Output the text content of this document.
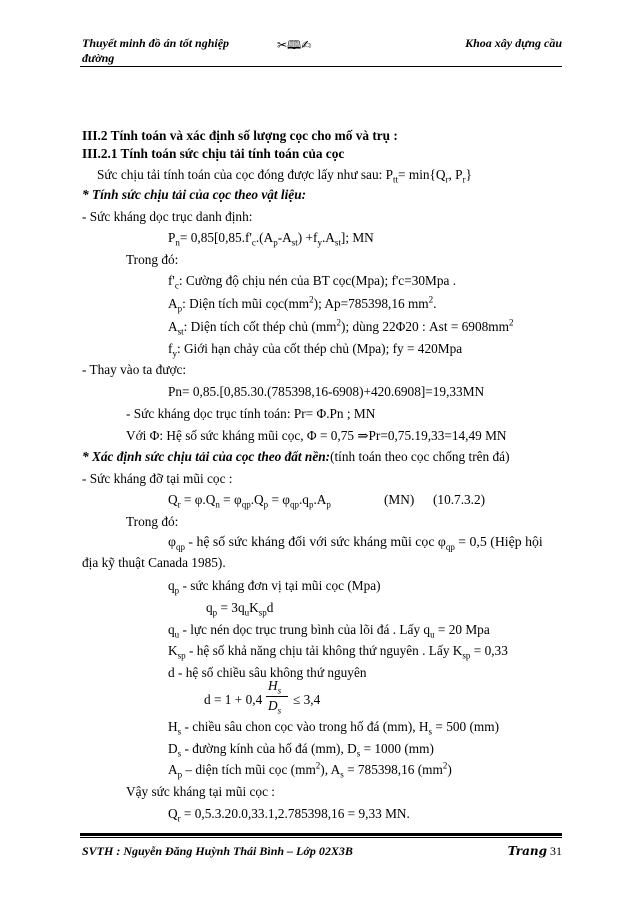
Thuyết minh đồ án tốt nghiệp
đường
✂🕮✍	Khoa xây dựng cầu
III.2 Tính toán và xác định số lượng cọc cho mố và trụ :
III.2.1 Tính toán sức chịu tải tính toán của cọc
Sức chịu tải tính toán của cọc đóng được lấy như sau: $P_{tt}= \min\{Q_r$, $P_r$}
* Tính sức chịu tải của cọc theo vật liệu:
- Sức kháng dọc trục danh định:
$P_n= 0,85[0,85.f'_c.(A_p-A_{st}) +f_y.A_{st}]$; MN
Trong đó:
$f'_c$: Cường độ chịu nén của BT cọc(Mpa); f'c=30Mpa .
$A_p$: Diện tích mũi $cọc(mm^2)$; Ap=785398,16 $mm^2$.
$A_{st}$: Diện tích cốt thép chủ $(mm^2)$; dùng 22Φ20 : Ast = $6908mm^2$
$f_y$: Giới hạn chảy của cốt thép chủ (Mpa); fy = 420Mpa
- Thay vào ta được:
Pn= 0,85.[0,85.30.(785398,16-6908)+420.6908]=19,33MN
- Sức kháng dọc trục tính toán: Pr= Φ.Pn ; MN
Với Φ: Hệ số sức kháng mũi cọc, Φ = 0,75 ⇒Pr=0,75.19,33=14,49 MN
* Xác định sức chịu tải của cọc theo đất nền:(tính toán theo cọc chống trên đá)
- Sức kháng đỡ tại mũi cọc :
$Q_r = \varphi.Q_n = \varphi_{qp}.Q_p = \varphi_{qp}.q_p.A_p$	(MN) (10.7.3.2)
Trong đó:
$\varphi_{qp}$ - hệ số sức kháng đối với sức kháng mũi cọc $\varphi_{qp} = 0,5$ (Hiệp hội
địa kỹ thuật Canada 1985).
$q_p$ - sức kháng đơn vị tại mũi cọc (Mpa)
$q_p = 3q_uK_{sp}d$
$q_u$ - lực nén dọc trục trung bình của lõi đá . Lấy $q_u = 20$ Mpa
$K_{sp}$ - hệ số khả năng chịu tải không thứ nguyên . Lấy $K_{sp} = 0,33$
d - hệ số chiều sâu không thứ nguyên
d = 1 + 0,4
$H_s$
$D_s$
≤ 3,4
$H_s$ - chiều sâu chon cọc vào trong hố đá (mm), $H_s = 500$ (mm)
$D_s$ - đường kính của hố đá (mm), $D_s = 1000$ (mm)
$A_p$ – diện tích mũi cọc $(mm^2)$, $A_s = 785398,16$ $(mm^2)$
Vậy sức kháng tại mũi cọc :
$Q_r = 0,5.3.20.0,33.1,2.785398,16 = 9,33$ MN.
SVTH : Nguyễn Đăng Huỳnh Thái Bình – Lớp 02X3B	Trang 31
